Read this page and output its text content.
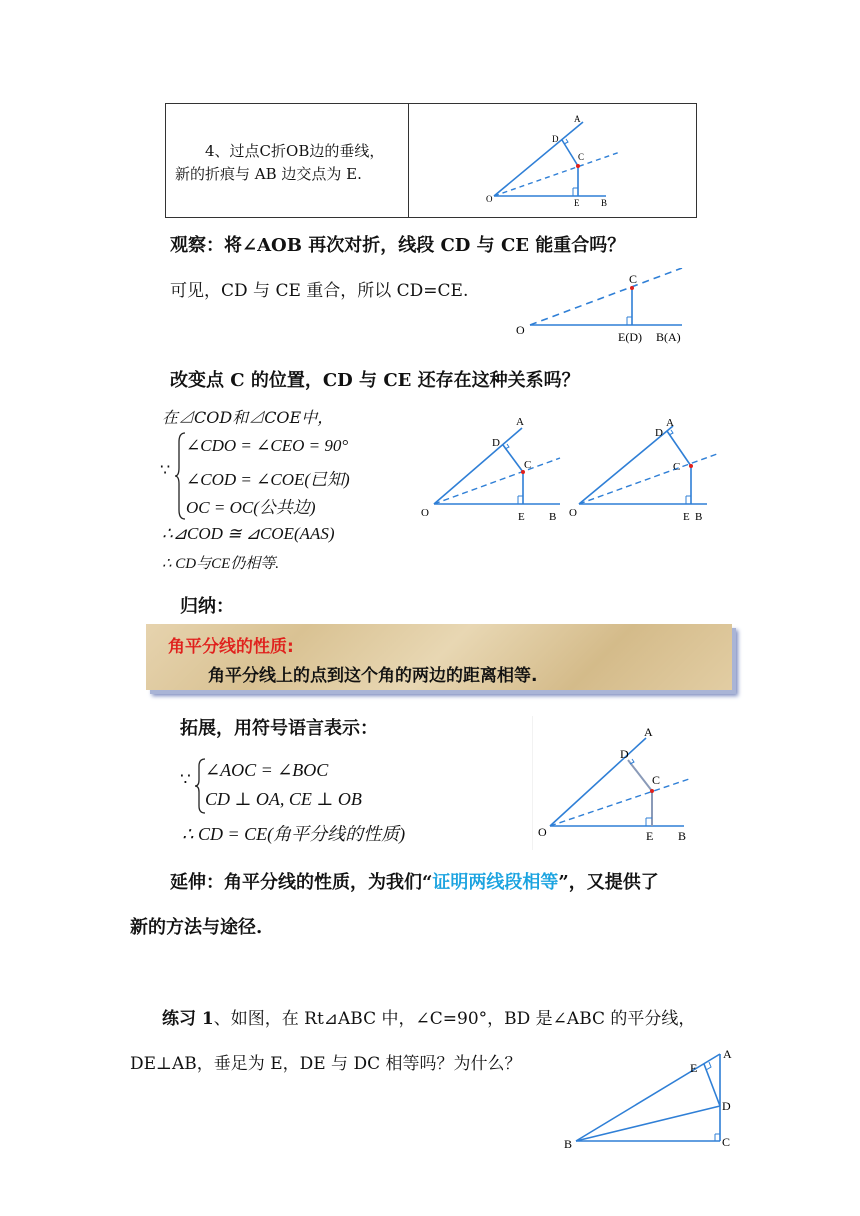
4、过点C折OB边的垂线，
新的折痕与 AB 边交点为 E.
A
D
C
O	E B
观察：将∠AOB 再次对折，线段 CD 与 CE 能重合吗？
可见，CD 与 CE 重合，所以 CD=CE.
C
O	E(D) B(A)
改变点 C 的位置，CD 与 CE 还存在这种关系吗？
在⊿COD和⊿COE中，
∵
∠CDO = ∠CEO = 90°
∠COD = ∠COE(已知)
OC = OC(公共边)
∴⊿COD ≅ ⊿COE(AAS)
∴ CD与CE仍相等.
A
D
C
O	E B
A
D
C
O	E B
归纳：
角平分线的性质:
角平分线上的点到这个角的两边的距离相等.
拓展，用符号语言表示：
∵ ∠AOC = ∠BOC
CD ⊥ OA, CE ⊥ OB
∴ CD = CE(角平分线的性质)
A
D
C
O	E B
延伸：角平分线的性质，为我们“证明两线段相等”，又提供了
新的方法与途径.
练习 1、如图，在 Rt⊿ABC 中，∠C=90°，BD 是∠ABC 的平分线，
DE⊥AB，垂足为 E，DE 与 DC 相等吗？为什么？	A
E
D
B	C
